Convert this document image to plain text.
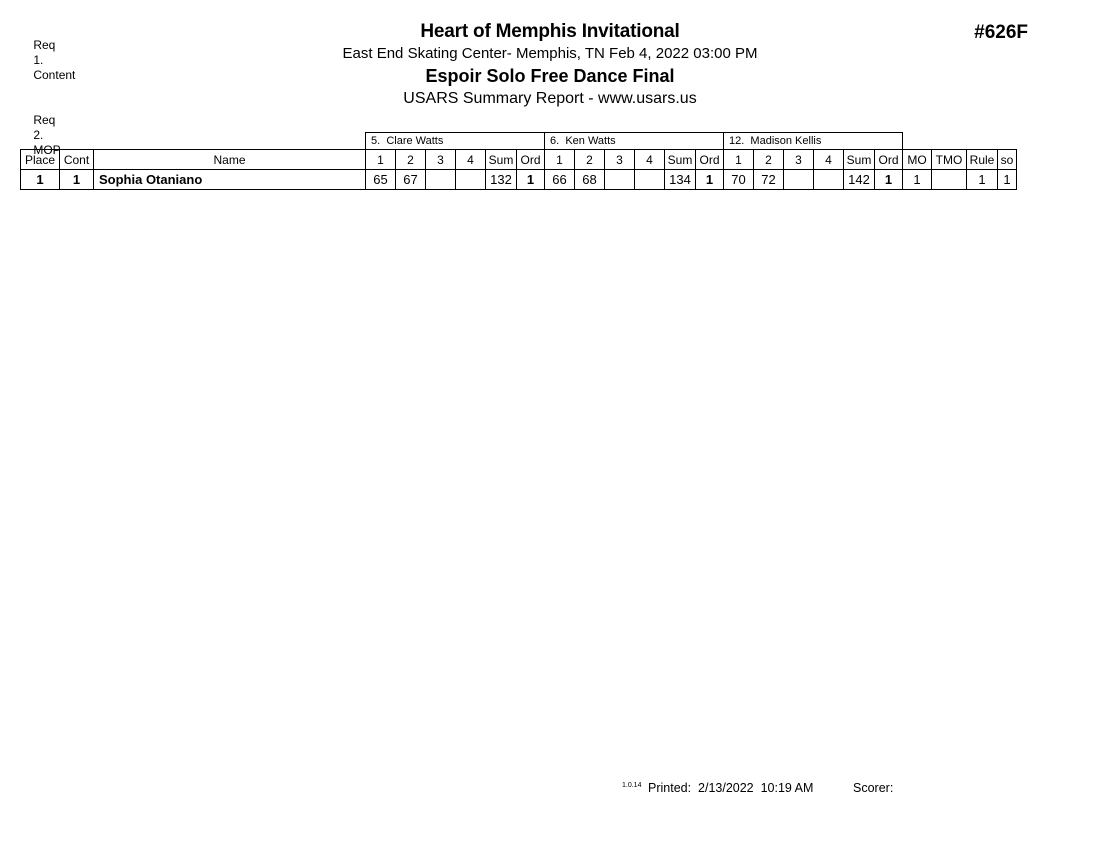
Req
1.
Content

Req
2.
MOP

Heart of Memphis Invitational
East End Skating Center- Memphis, TN Feb 4, 2022 03:00 PM
Espoir Solo Free Dance Final
USARS Summary Report - www.usars.us
#626F
			5. Clare Watts						6. Ken Watts						12. Madison Kellis									
Place	Cont	Name	1	2	3	4	Sum	Ord	1	2	3	4	Sum	Ord	1	2	3	4	Sum	Ord	MO	TMO	Rule	so
1	1	Sophia Otaniano	65	67			132	1	66	68			134	1	70	72			142	1	1		1	1
1.0.14 Printed:  2/13/2022  10:19 AM	Scorer:
